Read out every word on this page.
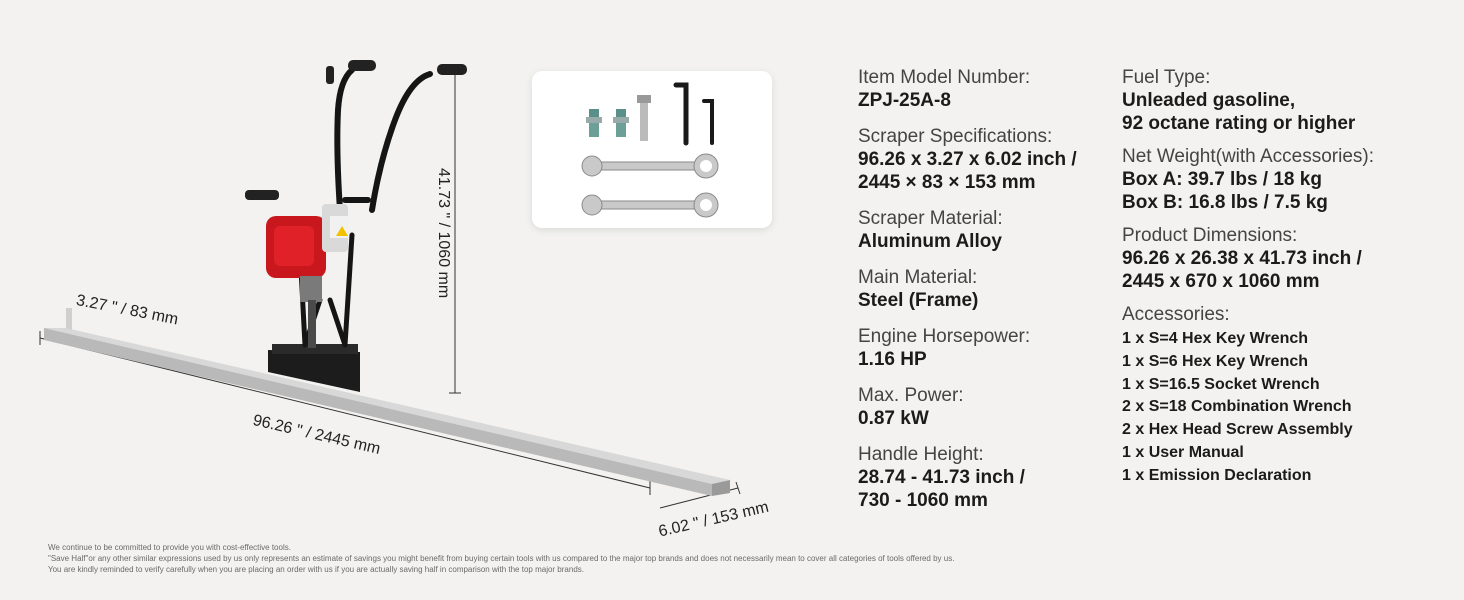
3.27 " / 83 mm
96.26 " / 2445 mm
6.02 " / 153 mm
41.73 " / 1060 mm
Item Model Number:
ZPJ-25A-8
Scraper Specifications:
96.26 x 3.27 x 6.02 inch /
2445 × 83 × 153 mm
Scraper Material:
Aluminum Alloy
Main Material:
Steel (Frame)
Engine Horsepower:
1.16 HP
Max. Power:
0.87 kW
Handle Height:
28.74 - 41.73 inch /
730 - 1060 mm
Fuel Type:
Unleaded gasoline,
92 octane rating or higher
Net Weight(with Accessories):
Box A: 39.7 lbs / 18 kg
Box B: 16.8 lbs / 7.5 kg
Product Dimensions:
96.26 x 26.38 x 41.73 inch /
2445 x 670 x 1060 mm
Accessories:
1 x S=4 Hex Key Wrench
1 x S=6 Hex Key Wrench
1 x S=16.5 Socket Wrench
2 x S=18 Combination Wrench
2 x Hex Head Screw Assembly
1 x User Manual
1 x Emission Declaration

We continue to be committed to provide you with cost-effective tools.

"Save Half"or any other similar expressions used by us only represents an estimate of savings you might benefit from buying certain tools with us compared to the major top brands and does not necessarily mean to cover all categories of tools offered by us.

You are kindly reminded to verify carefully when you are placing an order with us if you are actually saving half in comparison with the top major brands.
